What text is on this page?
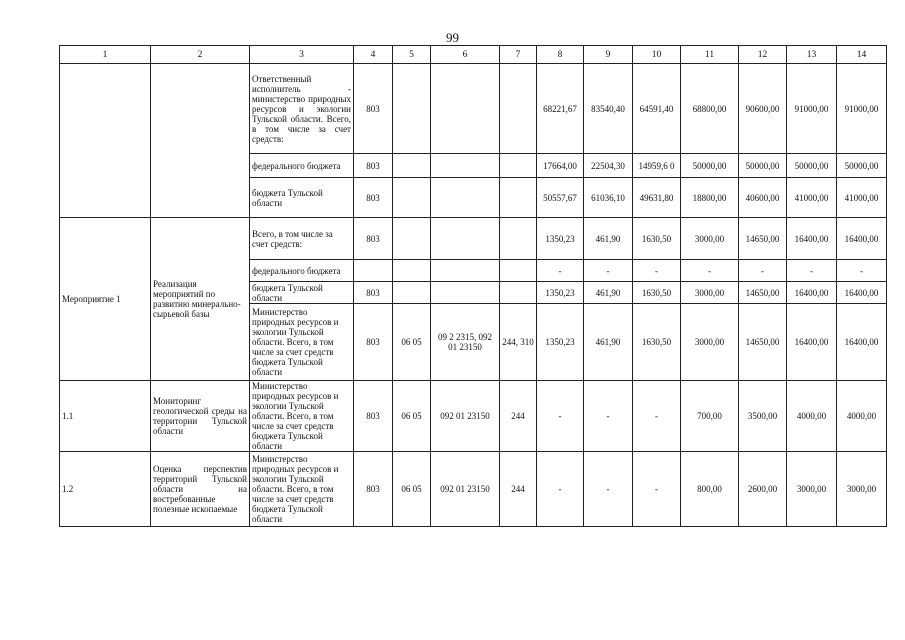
99
1	2	3	4	5	6	7	8	9	10	11	12	13	14
		Ответственный исполнитель - министерство природных ресурсов и экологии Тульской области. Всего, в том числе за счет средств:	803				68221,67	83540,40	64591,40	68800,00	90600,00	91000,00	91000,00
		федерального бюджета	803				17664,00	22504,30	14959,6 0	50000,00	50000,00	50000,00	50000,00
		бюджета Тульской области	803				50557,67	61036,10	49631,80	18800,00	40600,00	41000,00	41000,00
Мероприятие 1	Реализация мероприятий по развитию минерально-сырьевой базы	Всего, в том числе за счет средств:	803				1350,23	461,90	1630,50	3000,00	14650,00	16400,00	16400,00
		федерального бюджета					-	-	-	-	-	-	-
		бюджета Тульской области	803				1350,23	461,90	1630,50	3000,00	14650,00	16400,00	16400,00
		Министерство природных ресурсов и экологии Тульской области. Всего, в том числе за счет средств бюджета Тульской области	803	06 05	09 2 2315, 092 01 23150	244, 310	1350,23	461,90	1630,50	3000,00	14650,00	16400,00	16400,00
1.1	Мониторинг геологической среды на территории Тульской области	Министерство природных ресурсов и экологии Тульской области. Всего, в том числе за счет средств бюджета Тульской области	803	06 05	092 01 23150	244	-	-	-	700,00	3500,00	4000,00	4000,00
1.2	Оценка перспектив территорий Тульской области на востребованные полезные ископаемые	Министерство природных ресурсов и экологии Тульской области. Всего, в том числе за счет средств бюджета Тульской области	803	06 05	092 01 23150	244	-	-	-	800,00	2600,00	3000,00	3000,00
